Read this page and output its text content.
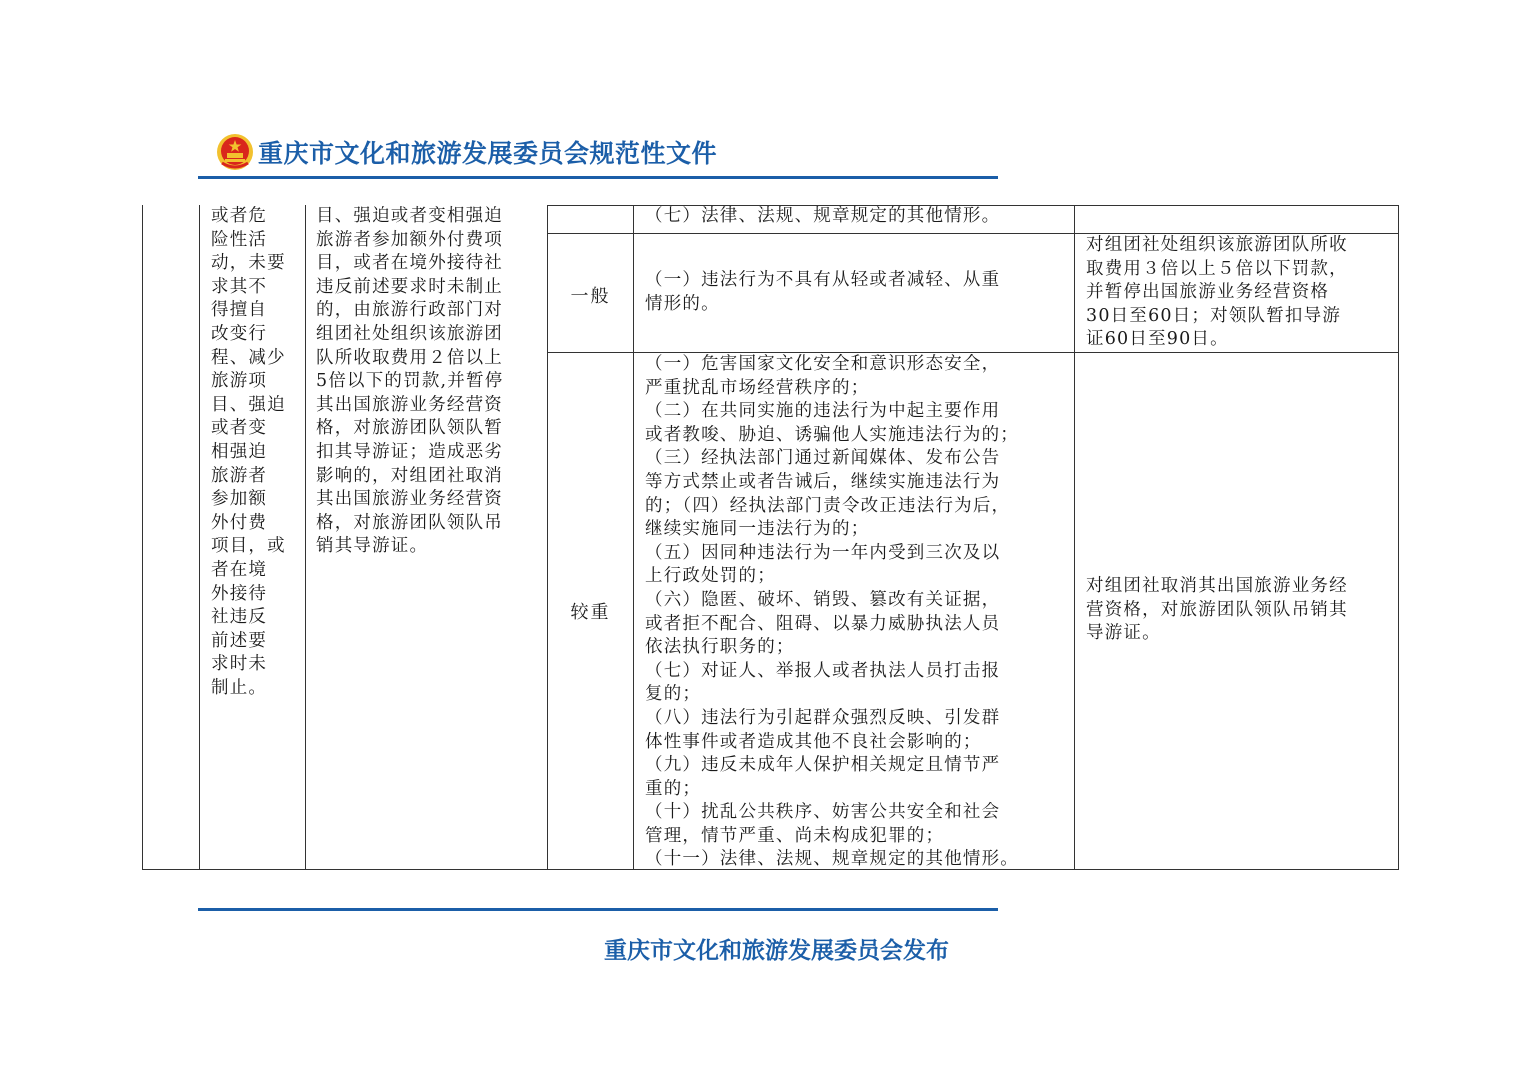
重庆市文化和旅游发展委员会规范性文件
或者危
险性活
动，未要
求其不
得擅自
改变行
程、减少
旅游项
目、强迫
或者变
相强迫
旅游者
参加额
外付费
项目，或
者在境
外接待
社违反
前述要
求时未
制止。
目、强迫或者变相强迫
旅游者参加额外付费项
目，或者在境外接待社
违反前述要求时未制止
的，由旅游行政部门对
组团社处组织该旅游团
队所收取费用２倍以上
5倍以下的罚款,并暂停
其出国旅游业务经营资
格，对旅游团队领队暂
扣其导游证；造成恶劣
影响的，对组团社取消
其出国旅游业务经营资
格，对旅游团队领队吊
销其导游证。
（七）法律、法规、规章规定的其他情形。
一般
（一）违法行为不具有从轻或者减轻、从重
情形的。
对组团社处组织该旅游团队所收
取费用３倍以上５倍以下罚款，
并暂停出国旅游业务经营资格
30日至60日；对领队暂扣导游
证60日至90日。
较重
（一）危害国家文化安全和意识形态安全，
严重扰乱市场经营秩序的；
（二）在共同实施的违法行为中起主要作用
或者教唆、胁迫、诱骗他人实施违法行为的；
（三）经执法部门通过新闻媒体、发布公告
等方式禁止或者告诫后，继续实施违法行为
的；（四）经执法部门责令改正违法行为后，
继续实施同一违法行为的；
（五）因同种违法行为一年内受到三次及以
上行政处罚的；
（六）隐匿、破坏、销毁、篡改有关证据，
或者拒不配合、阻碍、以暴力威胁执法人员
依法执行职务的；
（七）对证人、举报人或者执法人员打击报
复的；
（八）违法行为引起群众强烈反映、引发群
体性事件或者造成其他不良社会影响的；
（九）违反未成年人保护相关规定且情节严
重的；
（十）扰乱公共秩序、妨害公共安全和社会
管理，情节严重、尚未构成犯罪的；
（十一）法律、法规、规章规定的其他情形。
对组团社取消其出国旅游业务经
营资格，对旅游团队领队吊销其
导游证。
重庆市文化和旅游发展委员会发布
